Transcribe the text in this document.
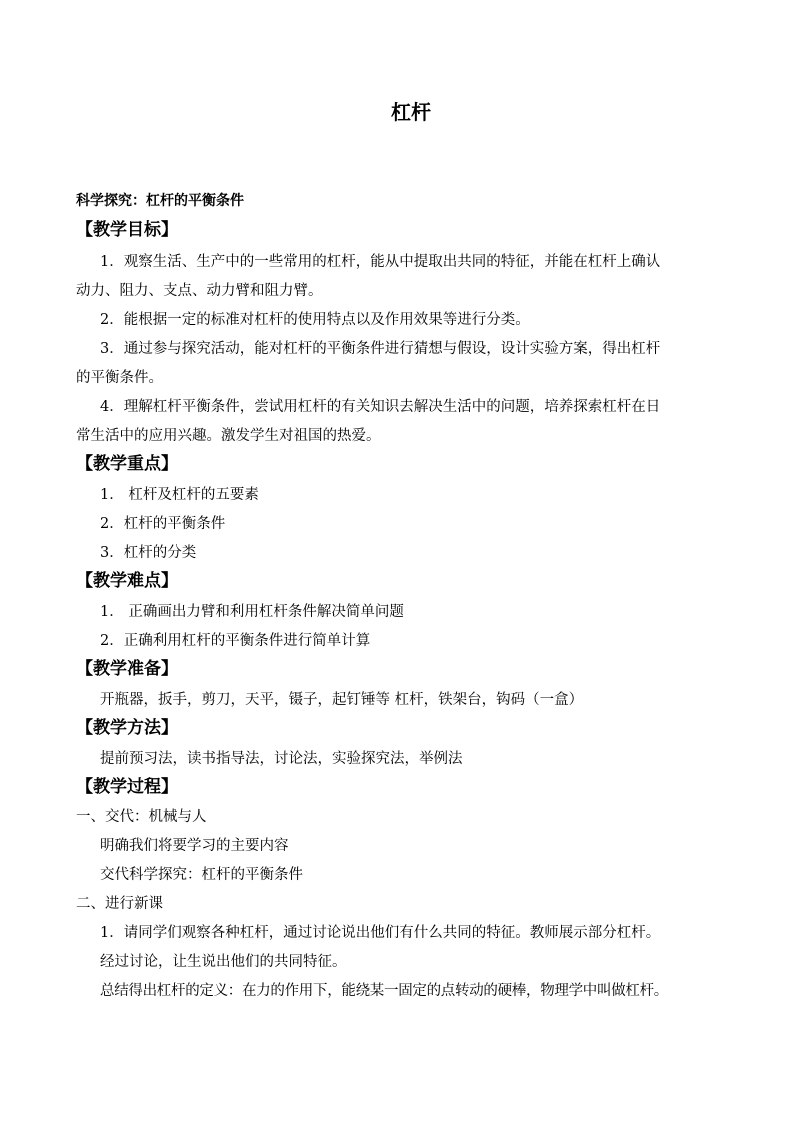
杠杆
科学探究：杠杆的平衡条件
【教学目标】
1．观察生活、生产中的一些常用的杠杆，能从中提取出共同的特征，并能在杠杆上确认
动力、阻力、支点、动力臂和阻力臂。
2．能根据一定的标准对杠杆的使用特点以及作用效果等进行分类。
3．通过参与探究活动，能对杠杆的平衡条件进行猜想与假设，设计实验方案，得出杠杆
的平衡条件。
4．理解杠杆平衡条件，尝试用杠杆的有关知识去解决生活中的问题，培养探索杠杆在日
常生活中的应用兴趣。激发学生对祖国的热爱。
【教学重点】
1． 杠杆及杠杆的五要素
2．杠杆的平衡条件
3．杠杆的分类
【教学难点】
1． 正确画出力臂和利用杠杆条件解决简单问题
2．正确利用杠杆的平衡条件进行简单计算
【教学准备】
开瓶器，扳手，剪刀，天平，镊子，起钉锤等 杠杆，铁架台，钩码（一盒）
【教学方法】
提前预习法，读书指导法，讨论法，实验探究法，举例法
【教学过程】
一、交代：机械与人
明确我们将要学习的主要内容
交代科学探究：杠杆的平衡条件
二、进行新课
1．请同学们观察各种杠杆，通过讨论说出他们有什么共同的特征。教师展示部分杠杆。
经过讨论，让生说出他们的共同特征。
总结得出杠杆的定义：在力的作用下，能绕某一固定的点转动的硬棒，物理学中叫做杠杆。
